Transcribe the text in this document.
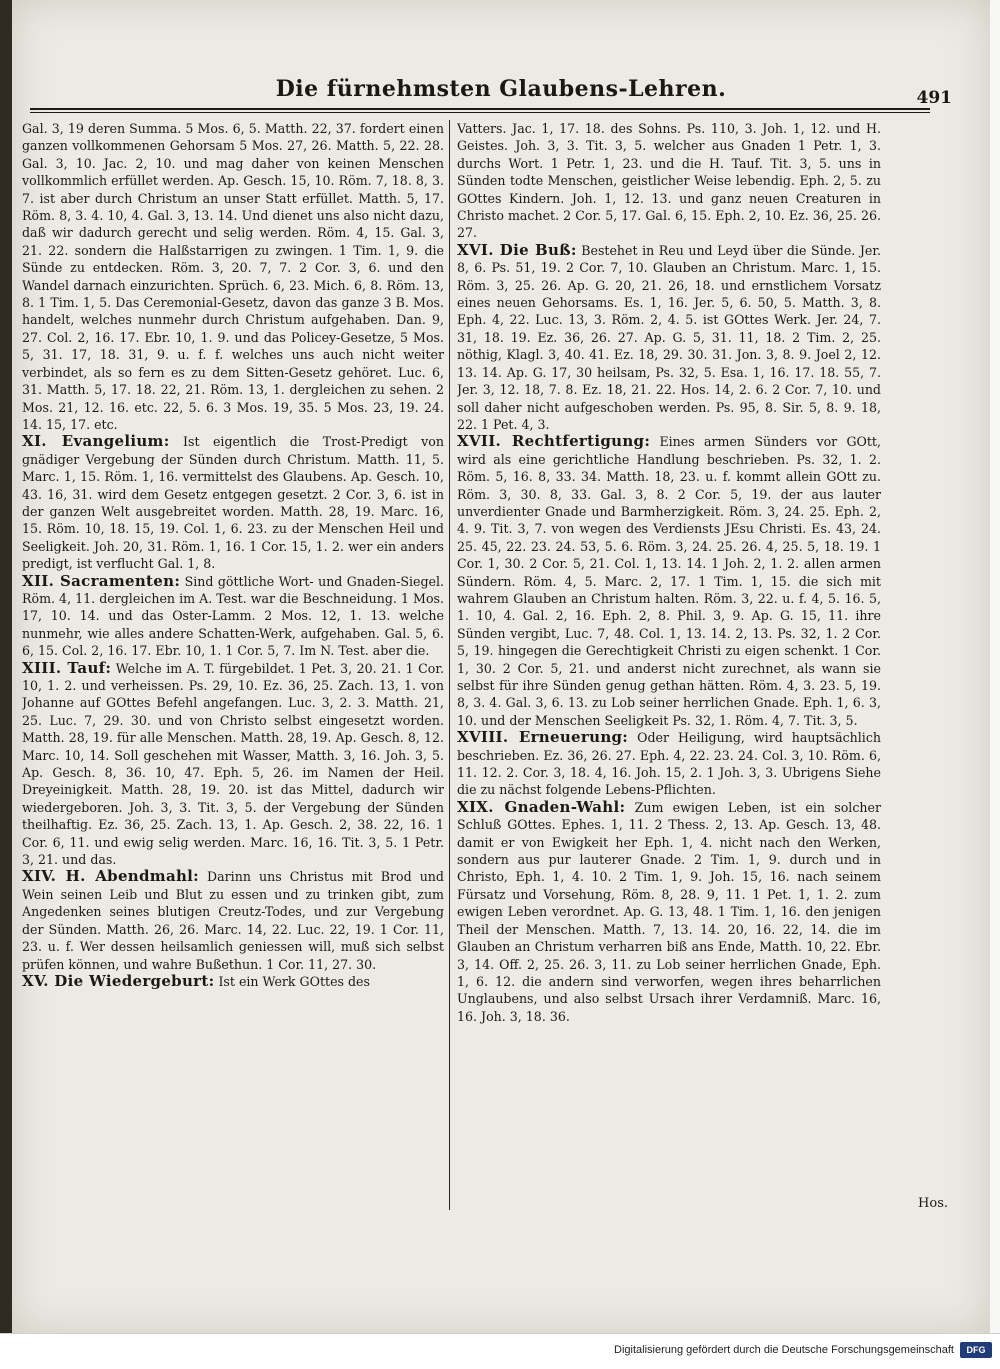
Die fürnehmsten Glaubens-Lehren.	491

Gal. 3, 19 deren Summa. 5 Mos. 6, 5. Matth. 22, 37. fordert einen ganzen vollkommenen Gehorsam 5 Mos. 27, 26. Matth. 5, 22. 28. Gal. 3, 10. Jac. 2, 10. und mag daher von keinen Menschen vollkommlich erfüllet werden. Ap. Gesch. 15, 10. Röm. 7, 18. 8, 3. 7. ist aber durch Christum an unser Statt erfüllet. Matth. 5, 17. Röm. 8, 3. 4. 10, 4. Gal. 3, 13. 14. Und dienet uns also nicht dazu, daß wir dadurch gerecht und selig werden. Röm. 4, 15. Gal. 3, 21. 22. sondern die Halßstarrigen zu zwingen. 1 Tim. 1, 9. die Sünde zu entdecken. Röm. 3, 20. 7, 7. 2 Cor. 3, 6. und den Wandel darnach einzurichten. Sprüch. 6, 23. Mich. 6, 8. Röm. 13, 8. 1 Tim. 1, 5. Das Ceremonial-Gesetz, davon das ganze 3 B. Mos. handelt, welches nunmehr durch Christum aufgehaben. Dan. 9, 27. Col. 2, 16. 17. Ebr. 10, 1. 9. und das Policey-Gesetze, 5 Mos. 5, 31. 17, 18. 31, 9. u. f. f. welches uns auch nicht weiter verbindet, als so fern es zu dem Sitten-Gesetz gehöret. Luc. 6, 31. Matth. 5, 17. 18. 22, 21. Röm. 13, 1. dergleichen zu sehen. 2 Mos. 21, 12. 16. etc. 22, 5. 6. 3 Mos. 19, 35. 5 Mos. 23, 19. 24. 14. 15, 17. etc.

XI. Evangelium: Ist eigentlich die Trost-Predigt von gnädiger Vergebung der Sünden durch Christum. Matth. 11, 5. Marc. 1, 15. Röm. 1, 16. vermittelst des Glaubens. Ap. Gesch. 10, 43. 16, 31. wird dem Gesetz entgegen gesetzt. 2 Cor. 3, 6. ist in der ganzen Welt ausgebreitet worden. Matth. 28, 19. Marc. 16, 15. Röm. 10, 18. 15, 19. Col. 1, 6. 23. zu der Menschen Heil und Seeligkeit. Joh. 20, 31. Röm. 1, 16. 1 Cor. 15, 1. 2. wer ein anders predigt, ist verflucht Gal. 1, 8.

XII. Sacramenten: Sind göttliche Wort- und Gnaden-Siegel. Röm. 4, 11. dergleichen im A. Test. war die Beschneidung. 1 Mos. 17, 10. 14. und das Oster-Lamm. 2 Mos. 12, 1. 13. welche nunmehr, wie alles andere Schatten-Werk, aufgehaben. Gal. 5, 6. 6, 15. Col. 2, 16. 17. Ebr. 10, 1. 1 Cor. 5, 7. Im N. Test. aber die.

XIII. Tauf: Welche im A. T. fürgebildet. 1 Pet. 3, 20. 21. 1 Cor. 10, 1. 2. und verheissen. Ps. 29, 10. Ez. 36, 25. Zach. 13, 1. von Johanne auf GOttes Befehl angefangen. Luc. 3, 2. 3. Matth. 21, 25. Luc. 7, 29. 30. und von Christo selbst eingesetzt worden. Matth. 28, 19. für alle Menschen. Matth. 28, 19. Ap. Gesch. 8, 12. Marc. 10, 14. Soll geschehen mit Wasser, Matth. 3, 16. Joh. 3, 5. Ap. Gesch. 8, 36. 10, 47. Eph. 5, 26. im Namen der Heil. Dreyeinigkeit. Matth. 28, 19. 20. ist das Mittel, dadurch wir wiedergeboren. Joh. 3, 3. Tit. 3, 5. der Vergebung der Sünden theilhaftig. Ez. 36, 25. Zach. 13, 1. Ap. Gesch. 2, 38. 22, 16. 1 Cor. 6, 11. und ewig selig werden. Marc. 16, 16. Tit. 3, 5. 1 Petr. 3, 21. und das.

XIV. H. Abendmahl: Darinn uns Christus mit Brod und Wein seinen Leib und Blut zu essen und zu trinken gibt, zum Angedenken seines blutigen Creutz-Todes, und zur Vergebung der Sünden. Matth. 26, 26. Marc. 14, 22. Luc. 22, 19. 1 Cor. 11, 23. u. f. Wer dessen heilsamlich geniessen will, muß sich selbst prüfen können, und wahre Bußethun. 1 Cor. 11, 27. 30.

XV. Die Wiedergeburt: Ist ein Werk GOttes des

Vatters. Jac. 1, 17. 18. des Sohns. Ps. 110, 3. Joh. 1, 12. und H. Geistes. Joh. 3, 3. Tit. 3, 5. welcher aus Gnaden 1 Petr. 1, 3. durchs Wort. 1 Petr. 1, 23. und die H. Tauf. Tit. 3, 5. uns in Sünden todte Menschen, geistlicher Weise lebendig. Eph. 2, 5. zu GOttes Kindern. Joh. 1, 12. 13. und ganz neuen Creaturen in Christo machet. 2 Cor. 5, 17. Gal. 6, 15. Eph. 2, 10. Ez. 36, 25. 26. 27.

XVI. Die Buß: Bestehet in Reu und Leyd über die Sünde. Jer. 8, 6. Ps. 51, 19. 2 Cor. 7, 10. Glauben an Christum. Marc. 1, 15. Röm. 3, 25. 26. Ap. G. 20, 21. 26, 18. und ernstlichem Vorsatz eines neuen Gehorsams. Es. 1, 16. Jer. 5, 6. 50, 5. Matth. 3, 8. Eph. 4, 22. Luc. 13, 3. Röm. 2, 4. 5. ist GOttes Werk. Jer. 24, 7. 31, 18. 19. Ez. 36, 26. 27. Ap. G. 5, 31. 11, 18. 2 Tim. 2, 25. nöthig, Klagl. 3, 40. 41. Ez. 18, 29. 30. 31. Jon. 3, 8. 9. Joel 2, 12. 13. 14. Ap. G. 17, 30 heilsam, Ps. 32, 5. Esa. 1, 16. 17. 18. 55, 7. Jer. 3, 12. 18, 7. 8. Ez. 18, 21. 22. Hos. 14, 2. 6. 2 Cor. 7, 10. und soll daher nicht aufgeschoben werden. Ps. 95, 8. Sir. 5, 8. 9. 18, 22. 1 Pet. 4, 3.

XVII. Rechtfertigung: Eines armen Sünders vor GOtt, wird als eine gerichtliche Handlung beschrieben. Ps. 32, 1. 2. Röm. 5, 16. 8, 33. 34. Matth. 18, 23. u. f. kommt allein GOtt zu. Röm. 3, 30. 8, 33. Gal. 3, 8. 2 Cor. 5, 19. der aus lauter unverdienter Gnade und Barmherzigkeit. Röm. 3, 24. 25. Eph. 2, 4. 9. Tit. 3, 7. von wegen des Verdiensts JEsu Christi. Es. 43, 24. 25. 45, 22. 23. 24. 53, 5. 6. Röm. 3, 24. 25. 26. 4, 25. 5, 18. 19. 1 Cor. 1, 30. 2 Cor. 5, 21. Col. 1, 13. 14. 1 Joh. 2, 1. 2. allen armen Sündern. Röm. 4, 5. Marc. 2, 17. 1 Tim. 1, 15. die sich mit wahrem Glauben an Christum halten. Röm. 3, 22. u. f. 4, 5. 16. 5, 1. 10, 4. Gal. 2, 16. Eph. 2, 8. Phil. 3, 9. Ap. G. 15, 11. ihre Sünden vergibt, Luc. 7, 48. Col. 1, 13. 14. 2, 13. Ps. 32, 1. 2 Cor. 5, 19. hingegen die Gerechtigkeit Christi zu eigen schenkt. 1 Cor. 1, 30. 2 Cor. 5, 21. und anderst nicht zurechnet, als wann sie selbst für ihre Sünden genug gethan hätten. Röm. 4, 3. 23. 5, 19. 8, 3. 4. Gal. 3, 6. 13. zu Lob seiner herrlichen Gnade. Eph. 1, 6. 3, 10. und der Menschen Seeligkeit Ps. 32, 1. Röm. 4, 7. Tit. 3, 5.

XVIII. Erneuerung: Oder Heiligung, wird hauptsächlich beschrieben. Ez. 36, 26. 27. Eph. 4, 22. 23. 24. Col. 3, 10. Röm. 6, 11. 12. 2. Cor. 3, 18. 4, 16. Joh. 15, 2. 1 Joh. 3, 3. Ubrigens Siehe die zu nächst folgende Lebens-Pflichten.

XIX. Gnaden-Wahl: Zum ewigen Leben, ist ein solcher Schluß GOttes. Ephes. 1, 11. 2 Thess. 2, 13. Ap. Gesch. 13, 48. damit er von Ewigkeit her Eph. 1, 4. nicht nach den Werken, sondern aus pur lauterer Gnade. 2 Tim. 1, 9. durch und in Christo, Eph. 1, 4. 10. 2 Tim. 1, 9. Joh. 15, 16. nach seinem Fürsatz und Vorsehung, Röm. 8, 28. 9, 11. 1 Pet. 1, 1. 2. zum ewigen Leben verordnet. Ap. G. 13, 48. 1 Tim. 1, 16. den jenigen Theil der Menschen. Matth. 7, 13. 14. 20, 16. 22, 14. die im Glauben an Christum verharren biß ans Ende, Matth. 10, 22. Ebr. 3, 14. Off. 2, 25. 26. 3, 11. zu Lob seiner herrlichen Gnade, Eph. 1, 6. 12. die andern sind verworfen, wegen ihres beharrlichen Unglaubens, und also selbst Ursach ihrer Verdamniß. Marc. 16, 16. Joh. 3, 18. 36.

Hos.
Digitalisierung gefördert durch die Deutsche Forschungsgemeinschaft	DFG
